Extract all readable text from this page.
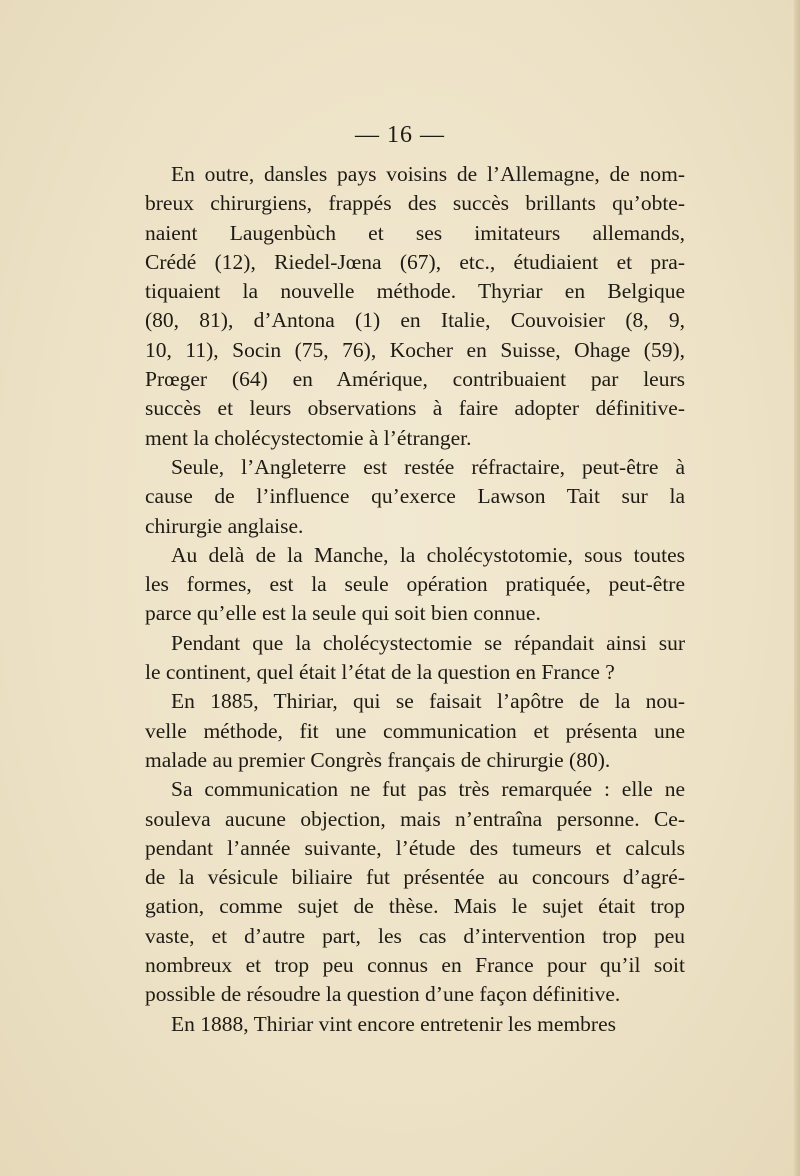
— 16 —
En outre, dansles pays voisins de l’Allemagne, de nom-
breux chirurgiens, frappés des succès brillants qu’obte-
naient Laugenbùch et ses imitateurs allemands,
Crédé (12), Riedel-Jœna (67), etc., étudiaient et pra-
tiquaient la nouvelle méthode. Thyriar en Belgique
(80, 81), d’Antona (1) en Italie, Couvoisier (8, 9,
10, 11), Socin (75, 76), Kocher en Suisse, Ohage (59),
Prœger (64) en Amérique, contribuaient par leurs
succès et leurs observations à faire adopter définitive-
ment la cholécystectomie à l’étranger.
Seule, l’Angleterre est restée réfractaire, peut-être à
cause de l’influence qu’exerce Lawson Tait sur la
chirurgie anglaise.
Au delà de la Manche, la cholécystotomie, sous toutes
les formes, est la seule opération pratiquée, peut-être
parce qu’elle est la seule qui soit bien connue.
Pendant que la cholécystectomie se répandait ainsi sur
le continent, quel était l’état de la question en France ?
En 1885, Thiriar, qui se faisait l’apôtre de la nou-
velle méthode, fit une communication et présenta une
malade au premier Congrès français de chirurgie (80).
Sa communication ne fut pas très remarquée : elle ne
souleva aucune objection, mais n’entraîna personne. Ce-
pendant l’année suivante, l’étude des tumeurs et calculs
de la vésicule biliaire fut présentée au concours d’agré-
gation, comme sujet de thèse. Mais le sujet était trop
vaste, et d’autre part, les cas d’intervention trop peu
nombreux et trop peu connus en France pour qu’il soit
possible de résoudre la question d’une façon définitive.
En 1888, Thiriar vint encore entretenir les membres
